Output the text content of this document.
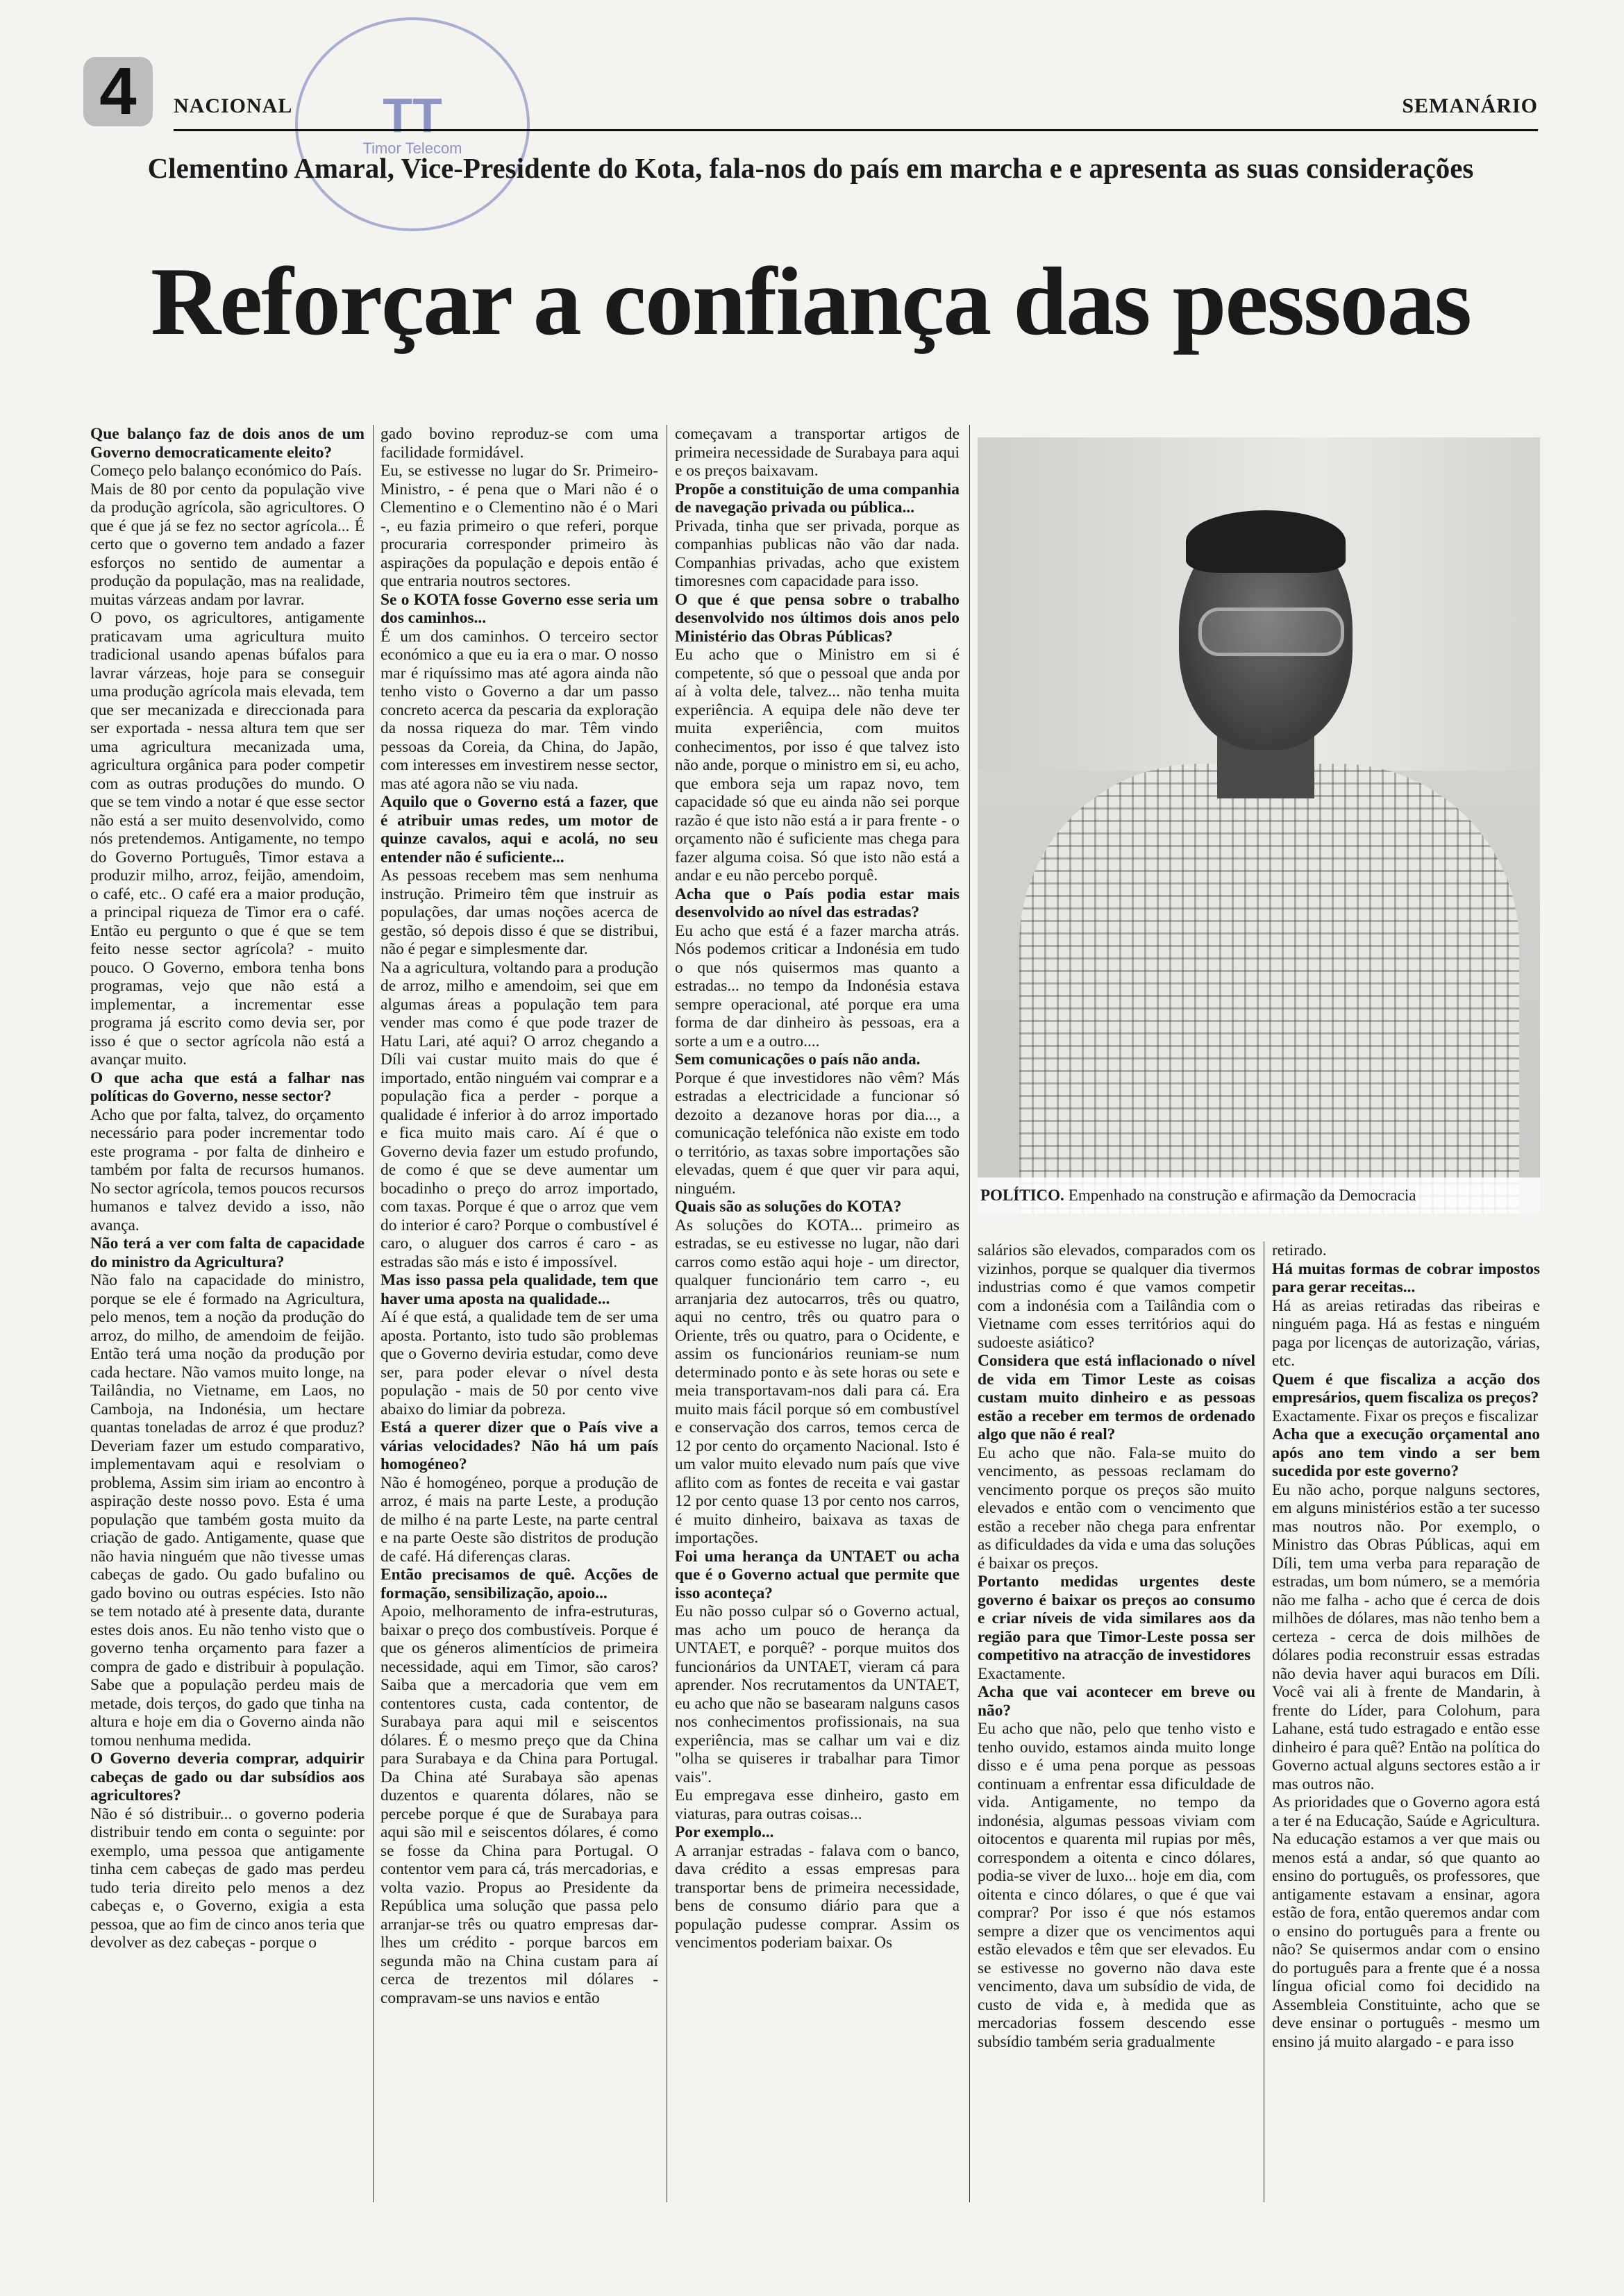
TT
Timor Telecom
4	NACIONAL	SEMANÁRIO
Clementino Amaral, Vice-Presidente do Kota, fala-nos do país em marcha e e apresenta as suas considerações
Reforçar a confiança das pessoas

Que balanço faz de dois anos de um Governo democraticamente eleito?

Começo pelo balanço económico do País.

Mais de 80 por cento da população vive da produção agrícola, são agricultores. O que é que já se fez no sector agrícola... É certo que o governo tem andado a fazer esforços no sentido de aumentar a produção da população, mas na realidade, muitas várzeas andam por lavrar.

O povo, os agricultores, antigamente praticavam uma agricultura muito tradicional usando apenas búfalos para lavrar várzeas, hoje para se conseguir uma produção agrícola mais elevada, tem que ser mecanizada e direccionada para ser exportada - nessa altura tem que ser uma agricultura mecanizada uma, agricultura orgânica para poder competir com as outras produções do mundo. O que se tem vindo a notar é que esse sector não está a ser muito desenvolvido, como nós pretendemos. Antigamente, no tempo do Governo Português, Timor estava a produzir milho, arroz, feijão, amendoim, o café, etc.. O café era a maior produção, a principal riqueza de Timor era o café. Então eu pergunto o que é que se tem feito nesse sector agrícola? - muito pouco. O Governo, embora tenha bons programas, vejo que não está a implementar, a incrementar esse programa já escrito como devia ser, por isso é que o sector agrícola não está a avançar muito.

O que acha que está a falhar nas políticas do Governo, nesse sector?

Acho que por falta, talvez, do orçamento necessário para poder incrementar todo este programa - por falta de dinheiro e também por falta de recursos humanos. No sector agrícola, temos poucos recursos humanos e talvez devido a isso, não avança.

Não terá a ver com falta de capacidade do ministro da Agricultura?

Não falo na capacidade do ministro, porque se ele é formado na Agricultura, pelo menos, tem a noção da produção do arroz, do milho, de amendoim de feijão. Então terá uma noção da produção por cada hectare. Não vamos muito longe, na Tailândia, no Vietname, em Laos, no Camboja, na Indonésia, um hectare quantas toneladas de arroz é que produz? Deveriam fazer um estudo comparativo, implementavam aqui e resolviam o problema, Assim sim iriam ao encontro à aspiração deste nosso povo. Esta é uma população que também gosta muito da criação de gado. Antigamente, quase que não havia ninguém que não tivesse umas cabeças de gado. Ou gado bufalino ou gado bovino ou outras espécies. Isto não se tem notado até à presente data, durante estes dois anos. Eu não tenho visto que o governo tenha orçamento para fazer a compra de gado e distribuir à população. Sabe que a população perdeu mais de metade, dois terços, do gado que tinha na altura e hoje em dia o Governo ainda não tomou nenhuma medida.

O Governo deveria comprar, adquirir cabeças de gado ou dar subsídios aos agricultores?

Não é só distribuir... o governo poderia distribuir tendo em conta o seguinte: por exemplo, uma pessoa que antigamente tinha cem cabeças de gado mas perdeu tudo teria direito pelo menos a dez cabeças e, o Governo, exigia a esta pessoa, que ao fim de cinco anos teria que devolver as dez cabeças - porque o

gado bovino reproduz-se com uma facilidade formidável.

Eu, se estivesse no lugar do Sr. Primeiro-Ministro, - é pena que o Mari não é o Clementino e o Clementino não é o Mari -, eu fazia primeiro o que referi, porque procuraria corresponder primeiro às aspirações da população e depois então é que entraria noutros sectores.

Se o KOTA fosse Governo esse seria um dos caminhos...

É um dos caminhos. O terceiro sector económico a que eu ia era o mar. O nosso mar é riquíssimo mas até agora ainda não tenho visto o Governo a dar um passo concreto acerca da pescaria da exploração da nossa riqueza do mar. Têm vindo pessoas da Coreia, da China, do Japão, com interesses em investirem nesse sector, mas até agora não se viu nada.

Aquilo que o Governo está a fazer, que é atribuir umas redes, um motor de quinze cavalos, aqui e acolá, no seu entender não é suficiente...

As pessoas recebem mas sem nenhuma instrução. Primeiro têm que instruir as populações, dar umas noções acerca de gestão, só depois disso é que se distribui, não é pegar e simplesmente dar.

Na a agricultura, voltando para a produção de arroz, milho e amendoim, sei que em algumas áreas a população tem para vender mas como é que pode trazer de Hatu Lari, até aqui? O arroz chegando a Díli vai custar muito mais do que é importado, então ninguém vai comprar e a população fica a perder - porque a qualidade é inferior à do arroz importado e fica muito mais caro. Aí é que o Governo devia fazer um estudo profundo, de como é que se deve aumentar um bocadinho o preço do arroz importado, com taxas. Porque é que o arroz que vem do interior é caro? Porque o combustível é caro, o aluguer dos carros é caro - as estradas são más e isto é impossível.

Mas isso passa pela qualidade, tem que haver uma aposta na qualidade...

Aí é que está, a qualidade tem de ser uma aposta. Portanto, isto tudo são problemas que o Governo deviria estudar, como deve ser, para poder elevar o nível desta população - mais de 50 por cento vive abaixo do limiar da pobreza.

Está a querer dizer que o País vive a várias velocidades? Não há um país homogéneo?

Não é homogéneo, porque a produção de arroz, é mais na parte Leste, a produção de milho é na parte Leste, na parte central e na parte Oeste são distritos de produção de café. Há diferenças claras.

Então precisamos de quê. Acções de formação, sensibilização, apoio...

Apoio, melhoramento de infra-estruturas, baixar o preço dos combustíveis. Porque é que os géneros alimentícios de primeira necessidade, aqui em Timor, são caros? Saiba que a mercadoria que vem em contentores custa, cada contentor, de Surabaya para aqui mil e seiscentos dólares. É o mesmo preço que da China para Surabaya e da China para Portugal. Da China até Surabaya são apenas duzentos e quarenta dólares, não se percebe porque é que de Surabaya para aqui são mil e seiscentos dólares, é como se fosse da China para Portugal. O contentor vem para cá, trás mercadorias, e volta vazio. Propus ao Presidente da República uma solução que passa pelo arranjar-se três ou quatro empresas dar-lhes um crédito - porque barcos em segunda mão na China custam para aí cerca de trezentos mil dólares - compravam-se uns navios e então

começavam a transportar artigos de primeira necessidade de Surabaya para aqui e os preços baixavam.

Propõe a constituição de uma companhia de navegação privada ou pública...

Privada, tinha que ser privada, porque as companhias publicas não vão dar nada. Companhias privadas, acho que existem timoresnes com capacidade para isso.

O que é que pensa sobre o trabalho desenvolvido nos últimos dois anos pelo Ministério das Obras Públicas?

Eu acho que o Ministro em si é competente, só que o pessoal que anda por aí à volta dele, talvez... não tenha muita experiência. A equipa dele não deve ter muita experiência, com muitos conhecimentos, por isso é que talvez isto não ande, porque o ministro em si, eu acho, que embora seja um rapaz novo, tem capacidade só que eu ainda não sei porque razão é que isto não está a ir para frente - o orçamento não é suficiente mas chega para fazer alguma coisa. Só que isto não está a andar e eu não percebo porquê.

Acha que o País podia estar mais desenvolvido ao nível das estradas?

Eu acho que está é a fazer marcha atrás. Nós podemos criticar a Indonésia em tudo o que nós quisermos mas quanto a estradas... no tempo da Indonésia estava sempre operacional, até porque era uma forma de dar dinheiro às pessoas, era a sorte a um e a outro....

Sem comunicações o país não anda.

Porque é que investidores não vêm? Más estradas a electricidade a funcionar só dezoito a dezanove horas por dia..., a comunicação telefónica não existe em todo o território, as taxas sobre importações são elevadas, quem é que quer vir para aqui, ninguém.

Quais são as soluções do KOTA?

As soluções do KOTA... primeiro as estradas, se eu estivesse no lugar, não dari carros como estão aqui hoje - um director, qualquer funcionário tem carro -, eu arranjaria dez autocarros, três ou quatro, aqui no centro, três ou quatro para o Oriente, três ou quatro, para o Ocidente, e assim os funcionários reuniam-se num determinado ponto e às sete horas ou sete e meia transportavam-nos dali para cá. Era muito mais fácil porque só em combustível e conservação dos carros, temos cerca de 12 por cento do orçamento Nacional. Isto é um valor muito elevado num país que vive aflito com as fontes de receita e vai gastar 12 por cento quase 13 por cento nos carros, é muito dinheiro, baixava as taxas de importações.

Foi uma herança da UNTAET ou acha que é o Governo actual que permite que isso aconteça?

Eu não posso culpar só o Governo actual, mas acho um pouco de herança da UNTAET, e porquê? - porque muitos dos funcionários da UNTAET, vieram cá para aprender. Nos recrutamentos da UNTAET, eu acho que não se basearam nalguns casos nos conhecimentos profissionais, na sua experiência, mas se calhar um vai e diz "olha se quiseres ir trabalhar para Timor vais".

Eu empregava esse dinheiro, gasto em viaturas, para outras coisas...

Por exemplo...

A arranjar estradas - falava com o banco, dava crédito a essas empresas para transportar bens de primeira necessidade, bens de consumo diário para que a população pudesse comprar. Assim os vencimentos poderiam baixar. Os

POLÍTICO. Empenhado na construção e afirmação da Democracia

salários são elevados, comparados com os vizinhos, porque se qualquer dia tivermos industrias como é que vamos competir com a indonésia com a Tailândia com o Vietname com esses territórios aqui do sudoeste asiático?

Considera que está inflacionado o nível de vida em Timor Leste as coisas custam muito dinheiro e as pessoas estão a receber em termos de ordenado algo que não é real?

Eu acho que não. Fala-se muito do vencimento, as pessoas reclamam do vencimento porque os preços são muito elevados e então com o vencimento que estão a receber não chega para enfrentar as dificuldades da vida e uma das soluções é baixar os preços.

Portanto medidas urgentes deste governo é baixar os preços ao consumo e criar níveis de vida similares aos da região para que Timor-Leste possa ser competitivo na atracção de investidores

Exactamente.

Acha que vai acontecer em breve ou não?

Eu acho que não, pelo que tenho visto e tenho ouvido, estamos ainda muito longe disso e é uma pena porque as pessoas continuam a enfrentar essa dificuldade de vida. Antigamente, no tempo da indonésia, algumas pessoas viviam com oitocentos e quarenta mil rupias por mês, correspondem a oitenta e cinco dólares, podia-se viver de luxo... hoje em dia, com oitenta e cinco dólares, o que é que vai comprar? Por isso é que nós estamos sempre a dizer que os vencimentos aqui estão elevados e têm que ser elevados. Eu se estivesse no governo não dava este vencimento, dava um subsídio de vida, de custo de vida e, à medida que as mercadorias fossem descendo esse subsídio também seria gradualmente

retirado.

Há muitas formas de cobrar impostos para gerar receitas...

Há as areias retiradas das ribeiras e ninguém paga. Há as festas e ninguém paga por licenças de autorização, várias, etc.

Quem é que fiscaliza a acção dos empresários, quem fiscaliza os preços?

Exactamente. Fixar os preços e fiscalizar

Acha que a execução orçamental ano após ano tem vindo a ser bem sucedida por este governo?

Eu não acho, porque nalguns sectores, em alguns ministérios estão a ter sucesso mas noutros não. Por exemplo, o Ministro das Obras Públicas, aqui em Díli, tem uma verba para reparação de estradas, um bom número, se a memória não me falha - acho que é cerca de dois milhões de dólares, mas não tenho bem a certeza - cerca de dois milhões de dólares podia reconstruir essas estradas não devia haver aqui buracos em Díli. Você vai ali à frente de Mandarin, à frente do Líder, para Colohum, para Lahane, está tudo estragado e então esse dinheiro é para quê? Então na política do Governo actual alguns sectores estão a ir mas outros não.

As prioridades que o Governo agora está a ter é na Educação, Saúde e Agricultura. Na educação estamos a ver que mais ou menos está a andar, só que quanto ao ensino do português, os professores, que antigamente estavam a ensinar, agora estão de fora, então queremos andar com o ensino do português para a frente ou não? Se quisermos andar com o ensino do português para a frente que é a nossa língua oficial como foi decidido na Assembleia Constituinte, acho que se deve ensinar o português - mesmo um ensino já muito alargado - e para isso
